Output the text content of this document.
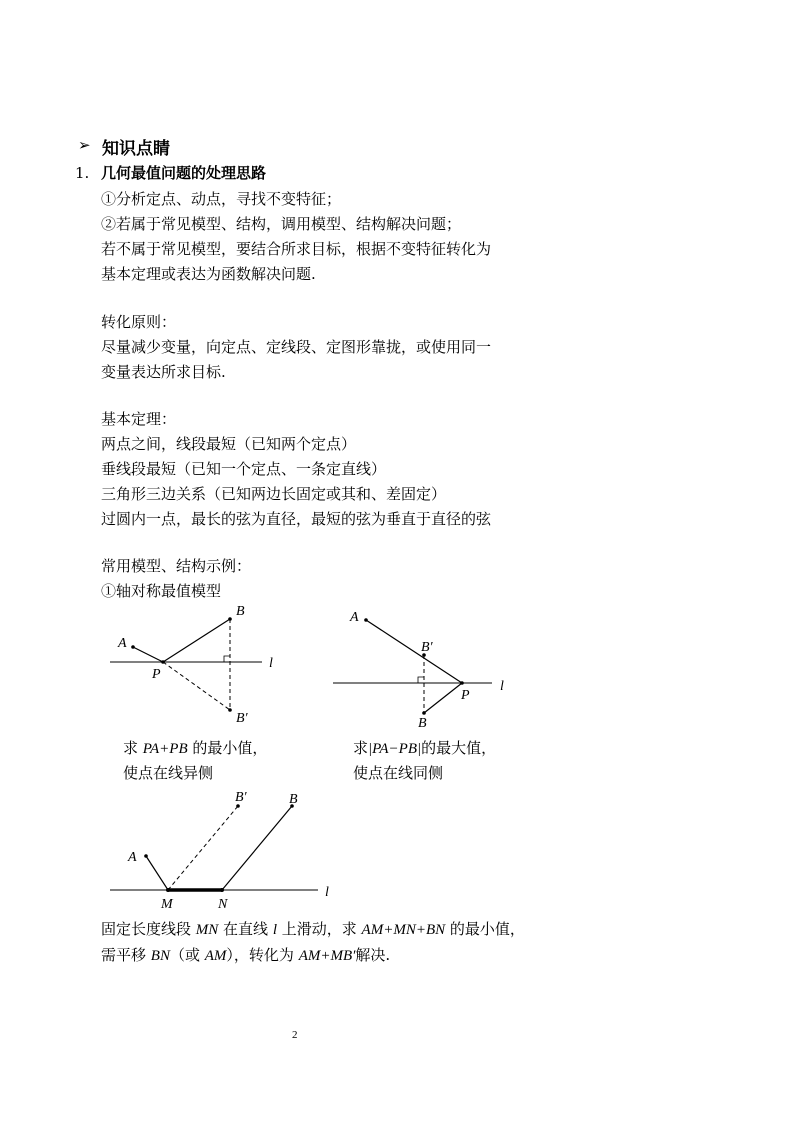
➢ 知识点睛
1. 几何最值问题的处理思路
①分析定点、动点，寻找不变特征；
②若属于常见模型、结构，调用模型、结构解决问题；
若不属于常见模型，要结合所求目标，根据不变特征转化为
基本定理或表达为函数解决问题.
转化原则：
尽量减少变量，向定点、定线段、定图形靠拢，或使用同一
变量表达所求目标.
基本定理：
两点之间，线段最短（已知两个定点）
垂线段最短（已知一个定点、一条定直线）
三角形三边关系（已知两边长固定或其和、差固定）
过圆内一点，最长的弦为直径，最短的弦为垂直于直径的弦
常用模型、结构示例：
①轴对称最值模型
A
B
P
B′
l
求 PA+PB 的最小值，
使点在线异侧
A
B′
B
P
l
求|PA−PB|的最大值，
使点在线同侧
A
M	N
B′	B
l
固定长度线段 MN 在直线 l 上滑动，求 AM+MN+BN 的最小值，
需平移 BN（或 AM），转化为 AM+MB′解决.
2
